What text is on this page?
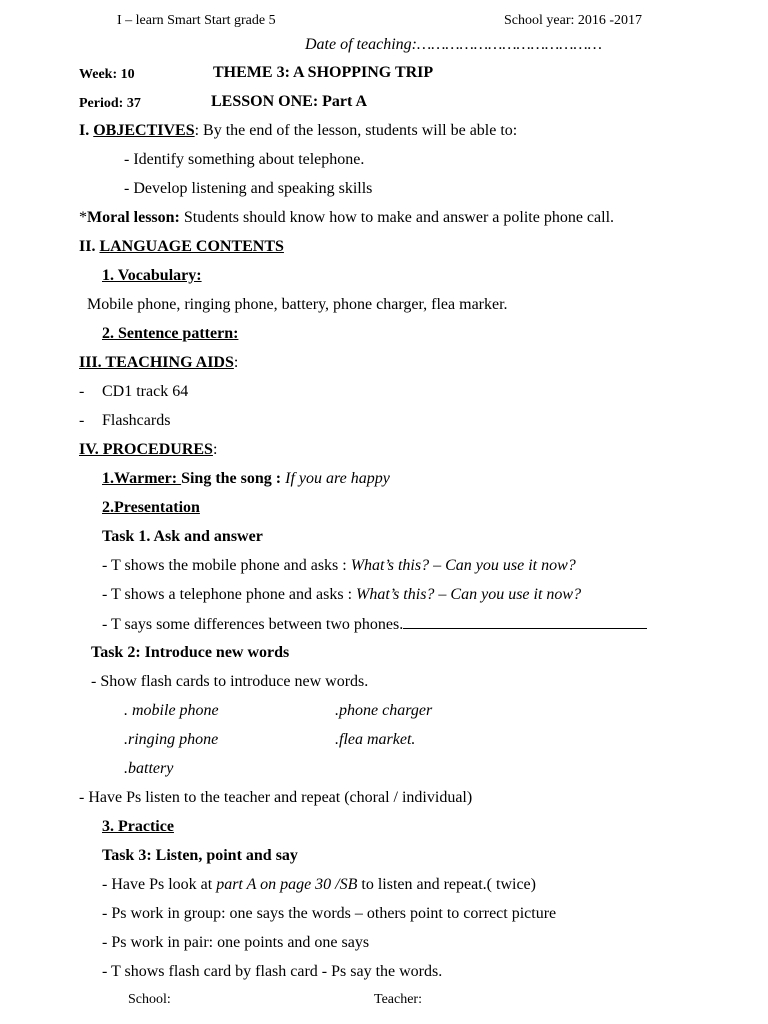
I – learn Smart Start grade 5	School year: 2016 -2017
Date of teaching:…………………………………
Week: 10	THEME 3: A SHOPPING TRIP
Period: 37	LESSON ONE: Part A
I. OBJECTIVES: By the end of the lesson, students will be able to:
- Identify something about telephone.
- Develop listening and speaking skills
*Moral lesson: Students should know how to make and answer a polite phone call.
II. LANGUAGE CONTENTS
1. Vocabulary:
Mobile phone, ringing phone, battery, phone charger, flea marker.
2. Sentence pattern:
III. TEACHING AIDS:
- CD1 track 64
- Flashcards
IV. PROCEDURES:
1.Warmer: Sing the song : If you are happy
2.Presentation
Task 1. Ask and answer
- T shows the mobile phone and asks : What’s this? – Can you use it now?
- T shows a telephone phone and asks : What’s this? – Can you use it now?
- T says some differences between two phones.
Task 2: Introduce new words
- Show flash cards to introduce new words.
. mobile phone	.phone charger
.ringing phone	.flea market.
.battery
- Have Ps listen to the teacher and repeat (choral / individual)
3. Practice
Task 3: Listen, point and say
- Have Ps look at part A on page 30 /SB to listen and repeat.( twice)
- Ps work in group: one says the words – others point to correct picture
- Ps work in pair: one points and one says
- T shows flash card by flash card - Ps say the words.
School:	Teacher:
